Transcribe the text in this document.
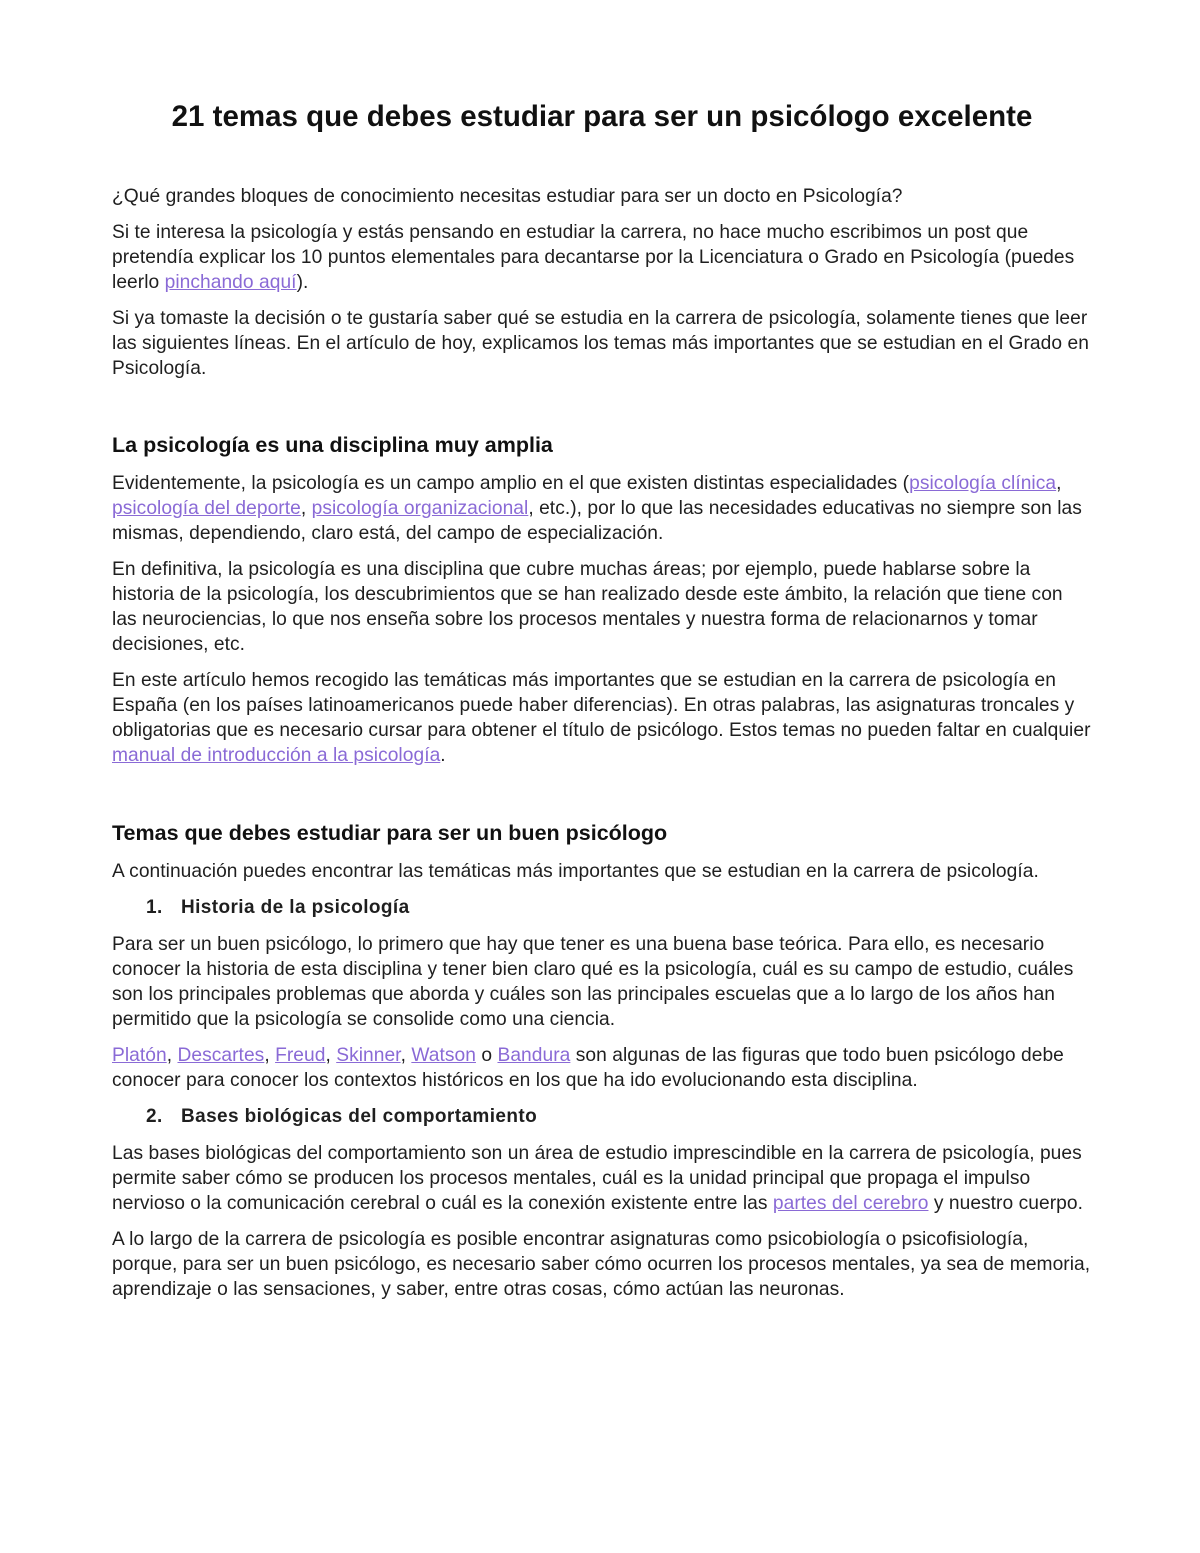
21 temas que debes estudiar para ser un psicólogo excelente

¿Qué grandes bloques de conocimiento necesitas estudiar para ser un docto en Psicología?

Si te interesa la psicología y estás pensando en estudiar la carrera, no hace mucho escribimos un post que pretendía explicar los 10 puntos elementales para decantarse por la Licenciatura o Grado en Psicología (puedes leerlo pinchando aquí).

Si ya tomaste la decisión o te gustaría saber qué se estudia en la carrera de psicología, solamente tienes que leer las siguientes líneas. En el artículo de hoy, explicamos los temas más importantes que se estudian en el Grado en Psicología.

La psicología es una disciplina muy amplia

Evidentemente, la psicología es un campo amplio en el que existen distintas especialidades (psicología clínica, psicología del deporte, psicología organizacional, etc.), por lo que las necesidades educativas no siempre son las mismas, dependiendo, claro está, del campo de especialización.

En definitiva, la psicología es una disciplina que cubre muchas áreas; por ejemplo, puede hablarse sobre la historia de la psicología, los descubrimientos que se han realizado desde este ámbito, la relación que tiene con las neurociencias, lo que nos enseña sobre los procesos mentales y nuestra forma de relacionarnos y tomar decisiones, etc.

En este artículo hemos recogido las temáticas más importantes que se estudian en la carrera de psicología en España (en los países latinoamericanos puede haber diferencias). En otras palabras, las asignaturas troncales y obligatorias que es necesario cursar para obtener el título de psicólogo. Estos temas no pueden faltar en cualquier manual de introducción a la psicología.

Temas que debes estudiar para ser un buen psicólogo

A continuación puedes encontrar las temáticas más importantes que se estudian en la carrera de psicología.

1. Historia de la psicología

Para ser un buen psicólogo, lo primero que hay que tener es una buena base teórica. Para ello, es necesario conocer la historia de esta disciplina y tener bien claro qué es la psicología, cuál es su campo de estudio, cuáles son los principales problemas que aborda y cuáles son las principales escuelas que a lo largo de los años han permitido que la psicología se consolide como una ciencia.

Platón, Descartes, Freud, Skinner, Watson o Bandura son algunas de las figuras que todo buen psicólogo debe conocer para conocer los contextos históricos en los que ha ido evolucionando esta disciplina.

2. Bases biológicas del comportamiento

Las bases biológicas del comportamiento son un área de estudio imprescindible en la carrera de psicología, pues permite saber cómo se producen los procesos mentales, cuál es la unidad principal que propaga el impulso nervioso o la comunicación cerebral o cuál es la conexión existente entre las partes del cerebro y nuestro cuerpo.

A lo largo de la carrera de psicología es posible encontrar asignaturas como psicobiología o psicofisiología, porque, para ser un buen psicólogo, es necesario saber cómo ocurren los procesos mentales, ya sea de memoria, aprendizaje o las sensaciones, y saber, entre otras cosas, cómo actúan las neuronas.
